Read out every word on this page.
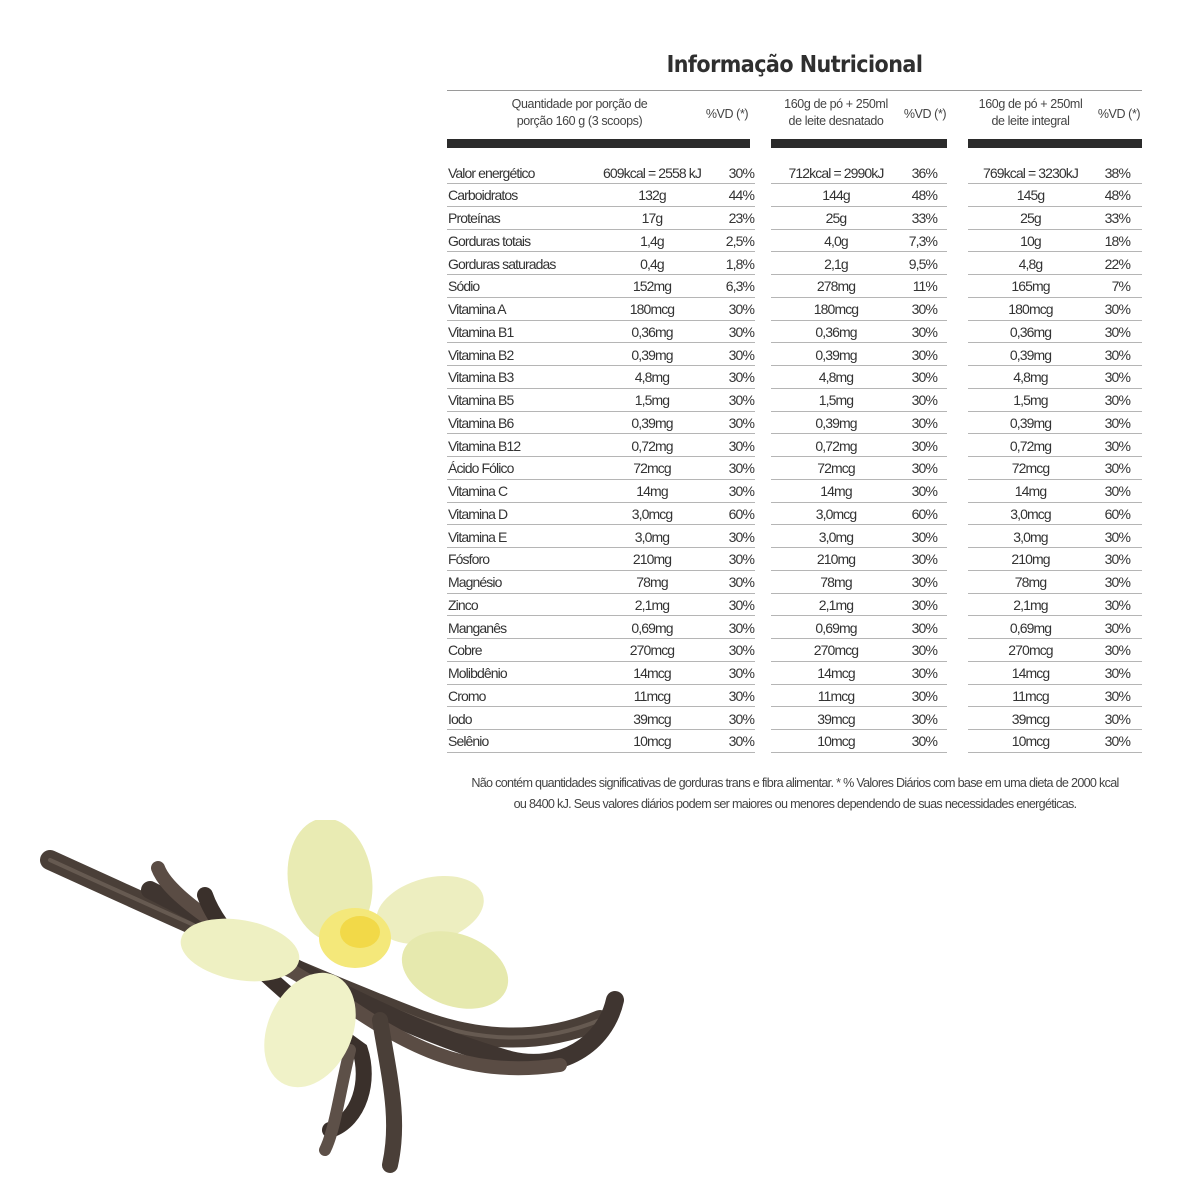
Informação Nutricional
Quantidade por porção de
porção 160 g (3 scoops)	%VD (*)
160g de pó + 250ml
de leite desnatado	%VD (*)
160g de pó + 250ml
de leite integral	%VD (*)
Valor energético	609kcal = 2558 kJ	30%	712kcal = 2990kJ	36%	769kcal = 3230kJ	38%
Carboidratos	132g	44%	144g	48%	145g	48%
Proteínas	17g	23%	25g	33%	25g	33%
Gorduras totais	1,4g	2,5%	4,0g	7,3%	10g	18%
Gorduras saturadas	0,4g	1,8%	2,1g	9,5%	4,8g	22%
Sódio	152mg	6,3%	278mg	11%	165mg	7%
Vitamina A	180mcg	30%	180mcg	30%	180mcg	30%
Vitamina B1	0,36mg	30%	0,36mg	30%	0,36mg	30%
Vitamina B2	0,39mg	30%	0,39mg	30%	0,39mg	30%
Vitamina B3	4,8mg	30%	4,8mg	30%	4,8mg	30%
Vitamina B5	1,5mg	30%	1,5mg	30%	1,5mg	30%
Vitamina B6	0,39mg	30%	0,39mg	30%	0,39mg	30%
Vitamina B12	0,72mg	30%	0,72mg	30%	0,72mg	30%
Ácido Fólico	72mcg	30%	72mcg	30%	72mcg	30%
Vitamina C	14mg	30%	14mg	30%	14mg	30%
Vitamina D	3,0mcg	60%	3,0mcg	60%	3,0mcg	60%
Vitamina E	3,0mg	30%	3,0mg	30%	3,0mg	30%
Fósforo	210mg	30%	210mg	30%	210mg	30%
Magnésio	78mg	30%	78mg	30%	78mg	30%
Zinco	2,1mg	30%	2,1mg	30%	2,1mg	30%
Manganês	0,69mg	30%	0,69mg	30%	0,69mg	30%
Cobre	270mcg	30%	270mcg	30%	270mcg	30%
Molibdênio	14mcg	30%	14mcg	30%	14mcg	30%
Cromo	11mcg	30%	11mcg	30%	11mcg	30%
Iodo	39mcg	30%	39mcg	30%	39mcg	30%
Selênio	10mcg	30%	10mcg	30%	10mcg	30%
Não contém quantidades significativas de gorduras trans e fibra alimentar. * % Valores Diários com base em uma dieta de 2000 kcal
ou 8400 kJ. Seus valores diários podem ser maiores ou menores dependendo de suas necessidades energéticas.
